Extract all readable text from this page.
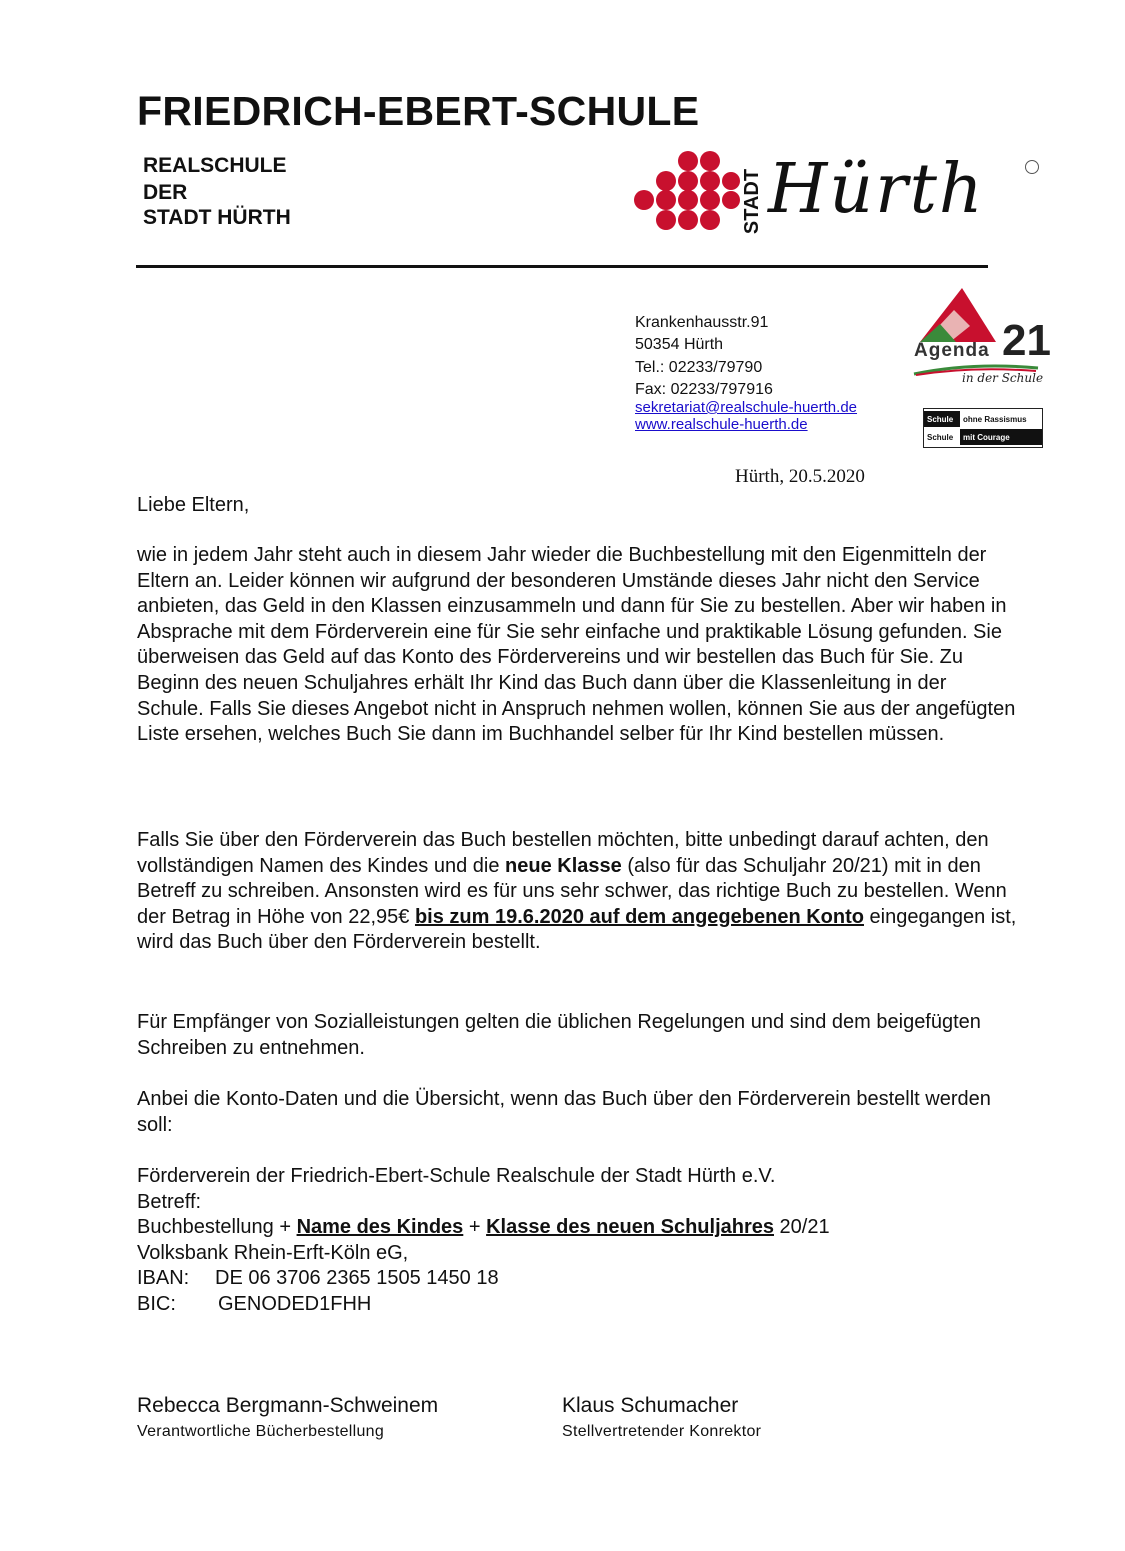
FRIEDRICH-EBERT-SCHULE
REALSCHULE
DER
STADT HÜRTH	STADT Hürth
Krankenhausstr.91
50354 Hürth
Tel.: 02233/79790
Fax: 02233/797916
sekretariat@realschule-huerth.de
www.realschule-huerth.de
Agenda 21
in der Schule
Schule	ohne Rassismus
Schule	mit Courage
Hürth, 20.5.2020
Liebe Eltern,

wie in jedem Jahr steht auch in diesem Jahr wieder die Buchbestellung mit den Eigenmitteln der Eltern an. Leider können wir aufgrund der besonderen Umstände dieses Jahr nicht den Service anbieten, das Geld in den Klassen einzusammeln und dann für Sie zu bestellen. Aber wir haben in Absprache mit dem Förderverein eine für Sie sehr einfache und praktikable Lösung gefunden. Sie überweisen das Geld auf das Konto des Fördervereins und wir bestellen das Buch für Sie. Zu Beginn des neuen Schuljahres erhält Ihr Kind das Buch dann über die Klassenleitung in der Schule. Falls Sie dieses Angebot nicht in Anspruch nehmen wollen, können Sie aus der angefügten Liste ersehen, welches Buch Sie dann im Buchhandel selber für Ihr Kind bestellen müssen.

Falls Sie über den Förderverein das Buch bestellen möchten, bitte unbedingt darauf achten, den vollständigen Namen des Kindes und die neue Klasse (also für das Schuljahr 20/21) mit in den Betreff zu schreiben. Ansonsten wird es für uns sehr schwer, das richtige Buch zu bestellen. Wenn der Betrag in Höhe von 22,95€ bis zum 19.6.2020 auf dem angegebenen Konto eingegangen ist, wird das Buch über den Förderverein bestellt.

Für Empfänger von Sozialleistungen gelten die üblichen Regelungen und sind dem beigefügten Schreiben zu entnehmen.

Anbei die Konto-Daten und die Übersicht, wenn das Buch über den Förderverein bestellt werden soll:

Förderverein der Friedrich-Ebert-Schule Realschule der Stadt Hürth e.V.
Betreff:
Buchbestellung + Name des Kindes + Klasse des neuen Schuljahres 20/21
Volksbank Rhein-Erft-Köln eG,
IBAN:	DE 06 3706 2365 1505 1450 18
BIC:	GENODED1FHH
Rebecca Bergmann-Schweinem
Verantwortliche Bücherbestellung
Klaus Schumacher
Stellvertretender Konrektor
